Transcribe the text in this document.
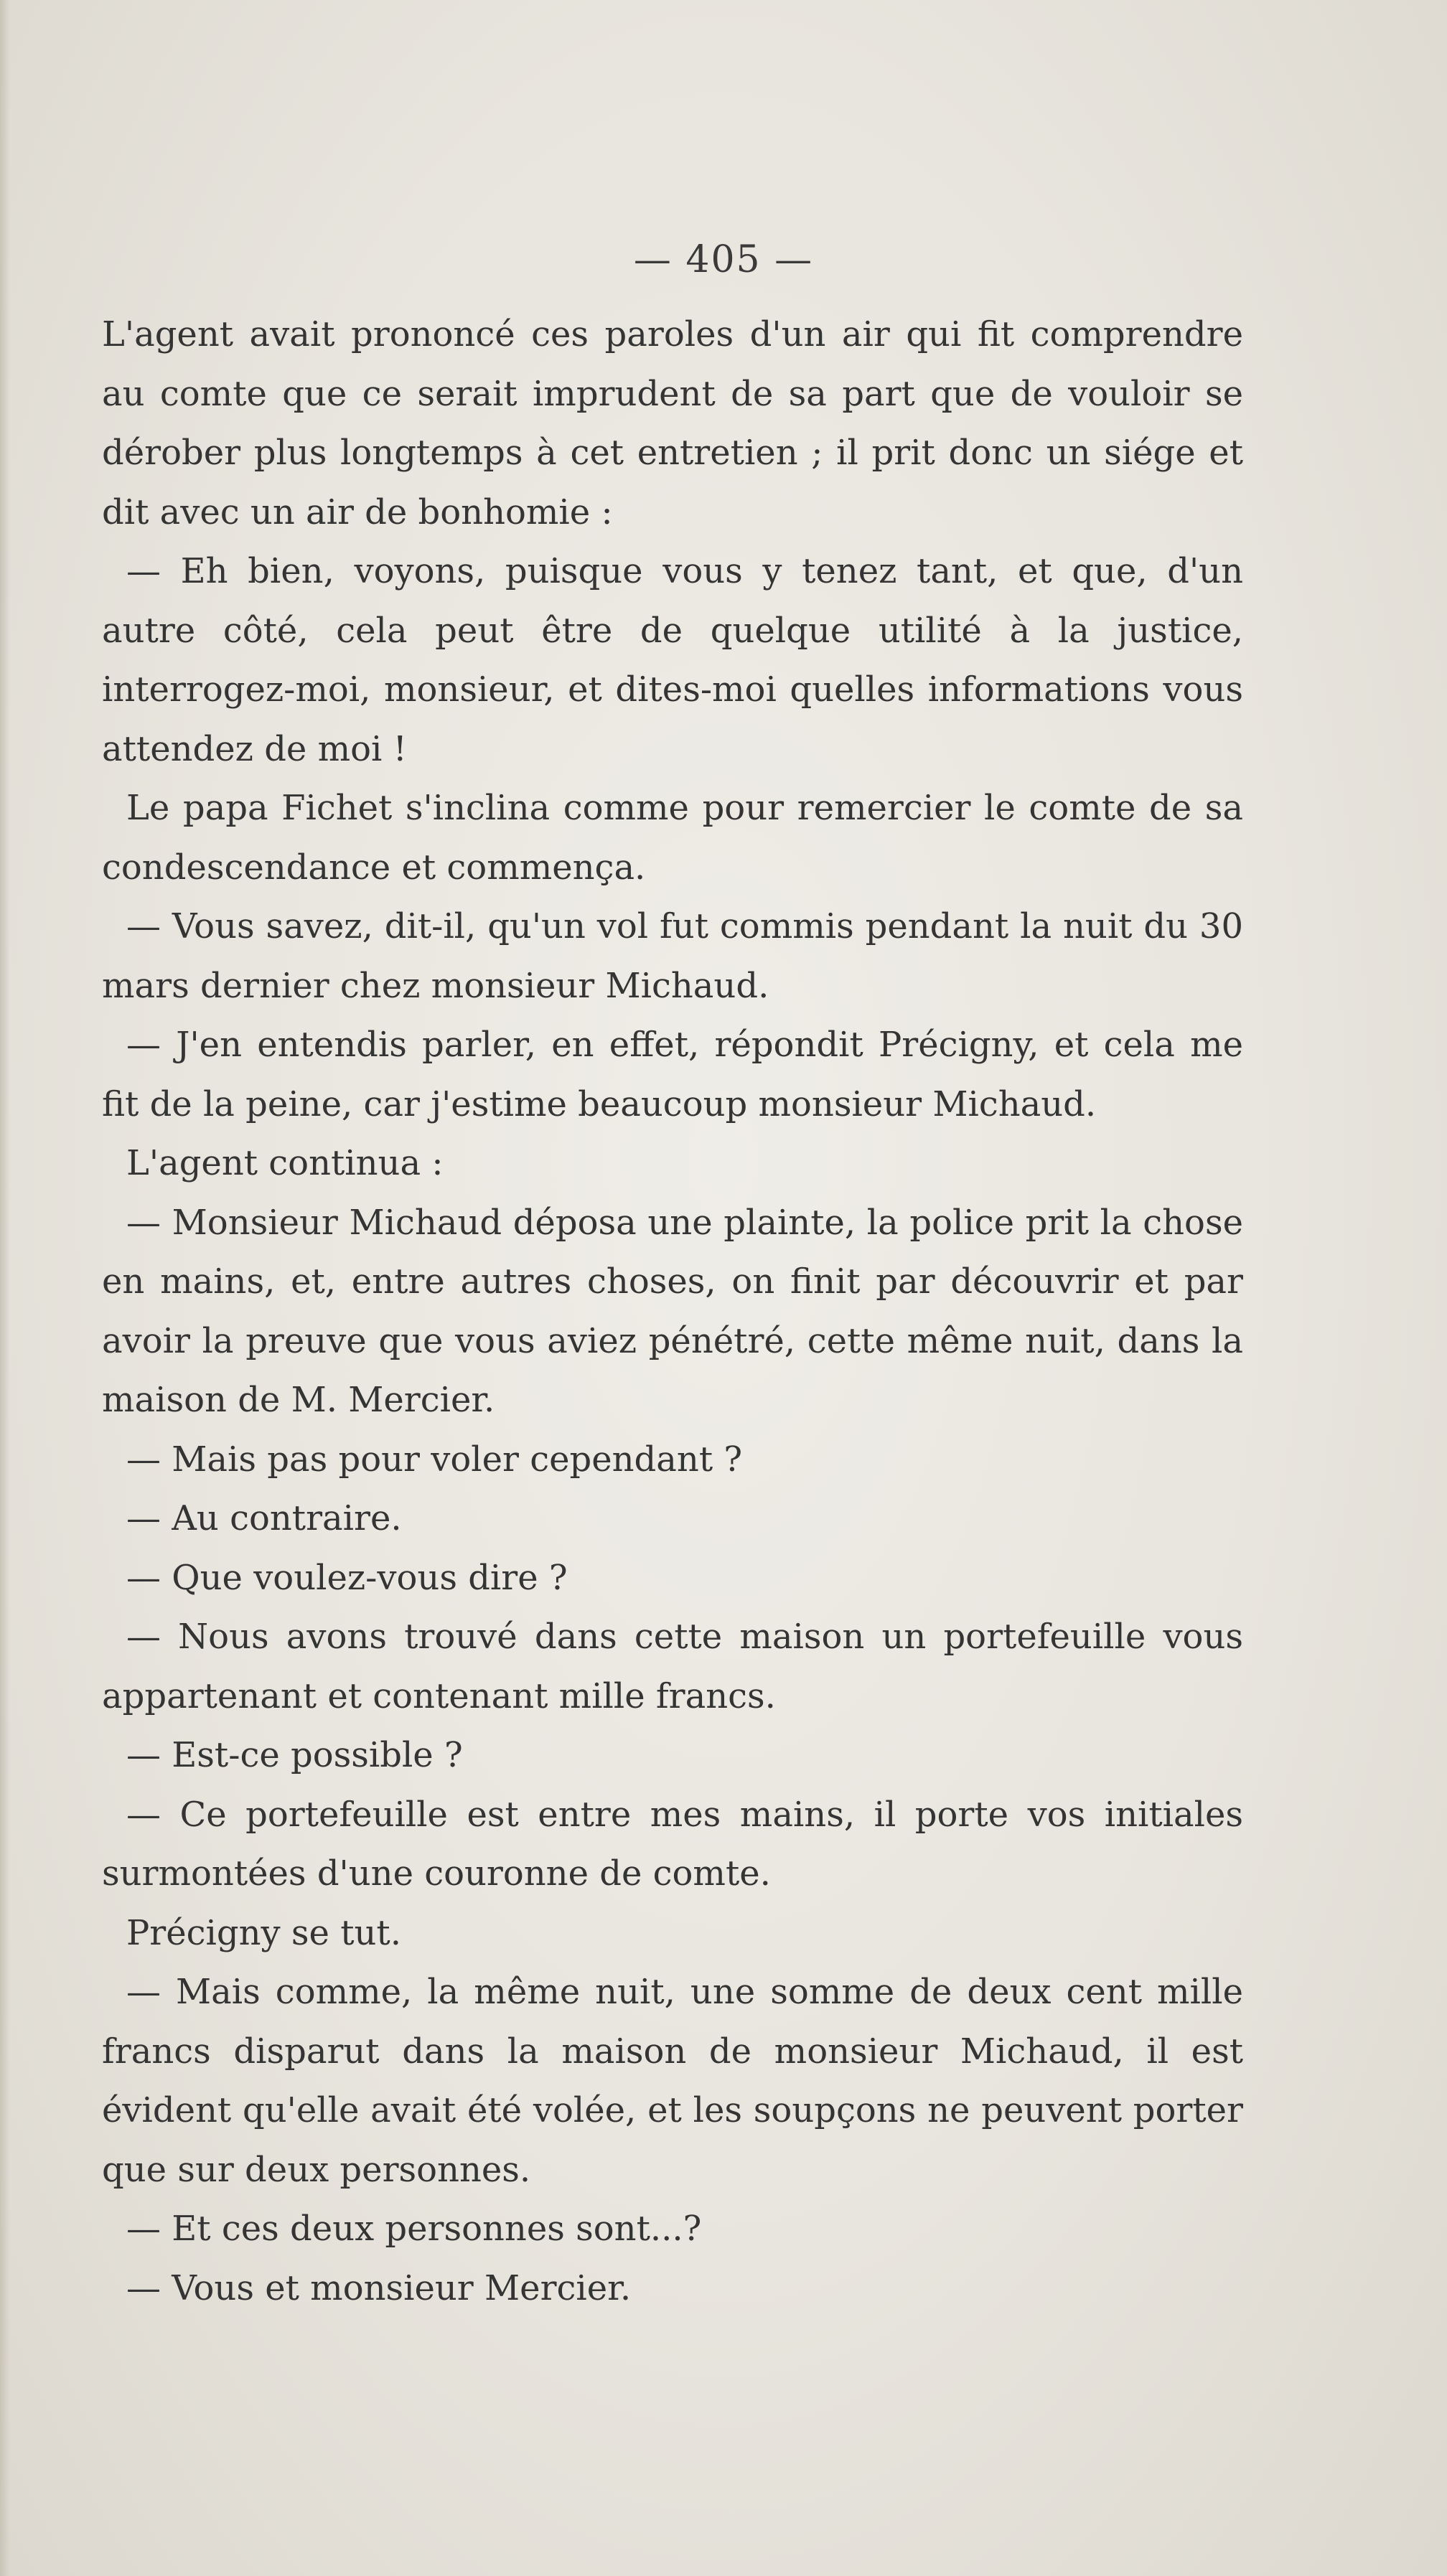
— 405 —

L'agent avait prononcé ces paroles d'un air qui fit comprendre au comte que ce serait imprudent de sa part que de vouloir se dérober plus longtemps à cet entretien ; il prit donc un siége et dit avec un air de bonhomie :

— Eh bien, voyons, puisque vous y tenez tant, et que, d'un autre côté, cela peut être de quelque utilité à la justice, interrogez-moi, monsieur, et dites-moi quelles informations vous attendez de moi !

Le papa Fichet s'inclina comme pour remercier le comte de sa condescendance et commença.

— Vous savez, dit-il, qu'un vol fut commis pendant la nuit du 30 mars dernier chez monsieur Michaud.

— J'en entendis parler, en effet, répondit Précigny, et cela me fit de la peine, car j'estime beaucoup monsieur Michaud.

L'agent continua :

— Monsieur Michaud déposa une plainte, la police prit la chose en mains, et, entre autres choses, on finit par découvrir et par avoir la preuve que vous aviez pénétré, cette même nuit, dans la maison de M. Mercier.

— Mais pas pour voler cependant ?

— Au contraire.

— Que voulez-vous dire ?

— Nous avons trouvé dans cette maison un portefeuille vous appartenant et contenant mille francs.

— Est-ce possible ?

— Ce portefeuille est entre mes mains, il porte vos initiales surmontées d'une couronne de comte.

Précigny se tut.

— Mais comme, la même nuit, une somme de deux cent mille francs disparut dans la maison de monsieur Michaud, il est évident qu'elle avait été volée, et les soupçons ne peuvent porter que sur deux personnes.

— Et ces deux personnes sont...?

— Vous et monsieur Mercier.
